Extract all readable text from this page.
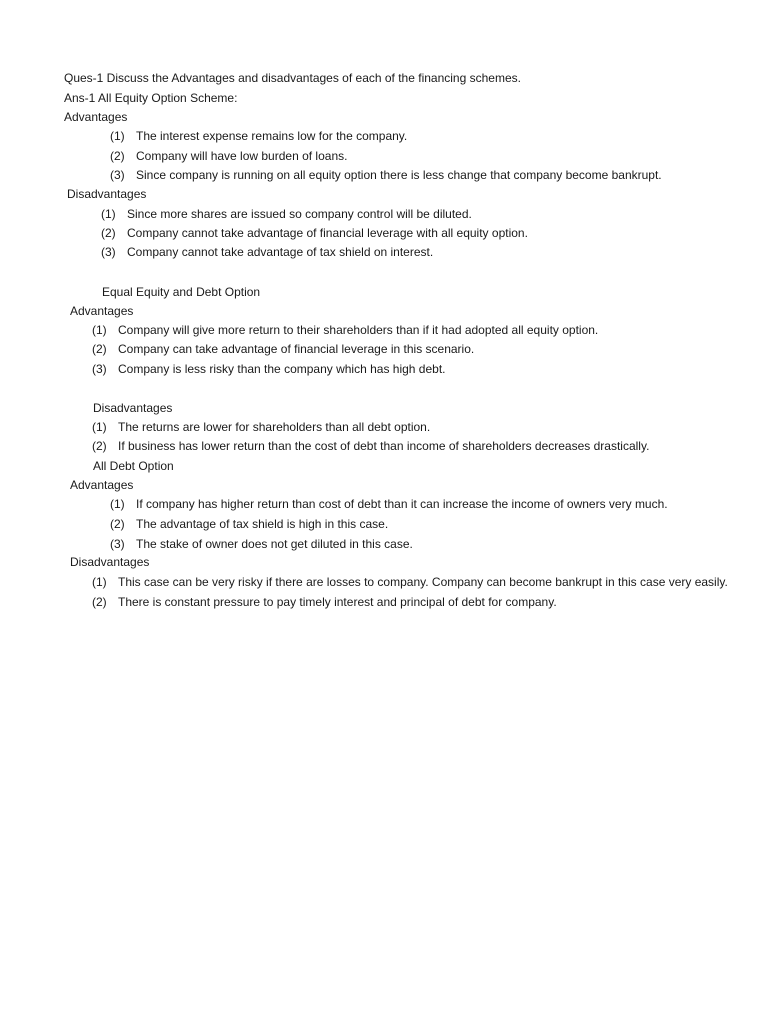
Ques-1 Discuss the Advantages and disadvantages of each of the financing schemes.
Ans-1 All Equity Option Scheme:
Advantages
(1) The interest expense remains low for the company.
(2) Company will have low burden of loans.
(3) Since company is running on all equity option there is less change that company become bankrupt.
Disadvantages
(1) Since more shares are issued so company control will be diluted.
(2) Company cannot take advantage of financial leverage with all equity option.
(3) Company cannot take advantage of tax shield on interest.
Equal Equity and Debt Option
Advantages
(1) Company will give more return to their shareholders than if it had adopted all equity option.
(2) Company can take advantage of financial leverage in this scenario.
(3) Company is less risky than the company which has high debt.
Disadvantages
(1) The returns are lower for shareholders than all debt option.
(2) If business has lower return than the cost of debt than income of shareholders decreases drastically.
All Debt Option
Advantages
(1) If company has higher return than cost of debt than it can increase the income of owners very much.
(2) The advantage of tax shield is high in this case.
(3) The stake of owner does not get diluted in this case.
Disadvantages
(1) This case can be very risky if there are losses to company. Company can become bankrupt in this case very easily.
(2) There is constant pressure to pay timely interest and principal of debt for company.
